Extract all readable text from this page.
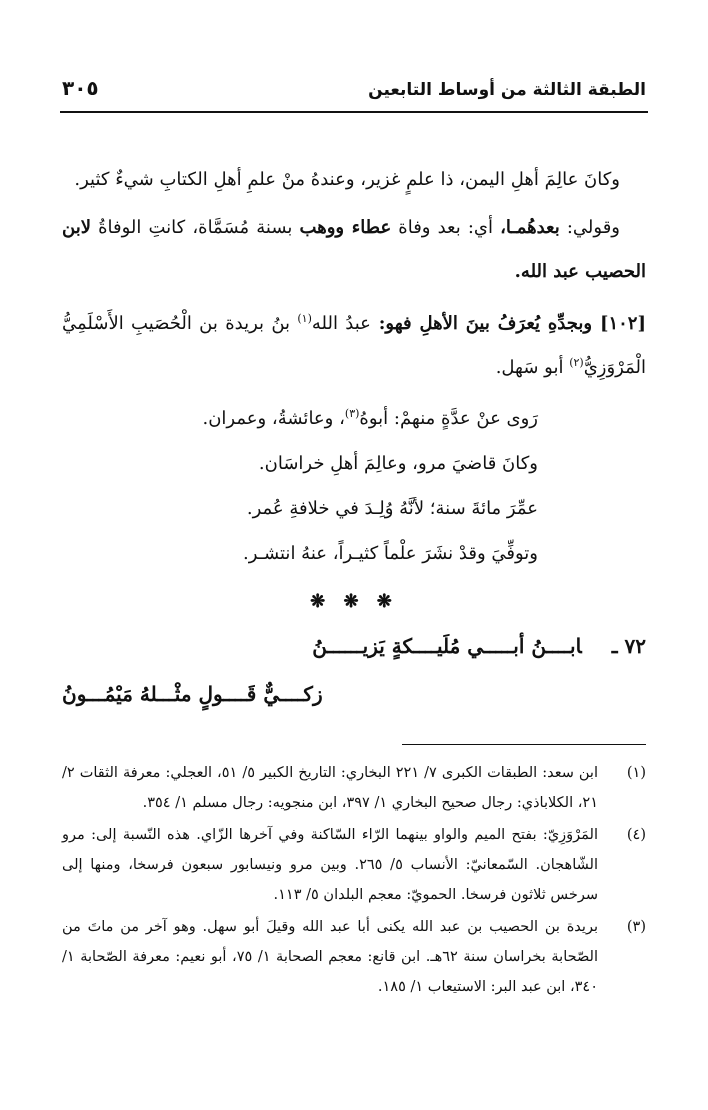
الطبقة الثالثة من أوساط التابعين
٣٠٥

وكانَ عالِمَ أهلِ اليمن، ذا علمٍ غزير، وعندهُ منْ علمِ أهلِ الكتابِ شيءٌ كثير.

وقولي: بعدهُمـا، أي: بعد وفاة عطاء ووهب بسنة مُسَمَّاة، كانتِ الوفاةُ لابن الحصيب عبد الله.

[١٠٢] وبجدِّهِ يُعرَفُ بينَ الأهلِ فهو: عبدُ الله$^{(١)}$ بنُ بريدة بن الْحُصَيبِ الأَسْلَمِيُّ الْمَرْوَزِيُّ$^{(٢)}$ أبو سَهل.

رَوى عنْ عدَّةٍ منهمْ: أبوهُ$^{(٣)}$، وعائشةُ، وعمران.
وكانَ قاضيَ مرو، وعالِمَ أهلِ خراسَان.
عمِّرَ مائةَ سنة؛ لأنَّهُ وُلِـدَ في خلافةِ عُمر.
وتوفِّيَ وقدْ نشَرَ علْماً كثيـراً، عنهُ انتشـر.
❋ ❋ ❋
٧٢ ـابــــنُ أبـــــي مُلَيــــكةٍ يَزيــــــنُ
زكــــيٌّ قَــــولٍ مثْـــلهُ مَيْمُـــونُ
(١)
ابن سعد: الطبقات الكبرى ٧/ ٢٢١ البخاري: التاريخ الكبير ٥/ ٥١، العجلي: معرفة الثقات ٢/ ٢١، الكلاباذي: رجال صحيح البخاري ١/ ٣٩٧، ابن منجويه: رجال مسلم ١/ ٣٥٤.
(٤)
المَرْوَزِيّ: بفتح الميم والواو بينهما الرّاء السّاكنة وفي آخرها الزّاي. هذه النّسبة إلى: مرو الشّاهجان. السّمعانيّ: الأنساب ٥/ ٢٦٥. وبين مرو ونيسابور سبعون فرسخا، ومنها إلى سرخس ثلاثون فرسخا. الحمويّ: معجم البلدان ٥/ ١١٣.
(٣)
بريدة بن الحصيب بن عبد الله يكنى أبا عبد الله وقيلَ أبو سهل. وهو آخر من ماتَ من الصّحابة بخراسان سنة ٦٢هـ. ابن قانع: معجم الصحابة ١/ ٧٥، أبو نعيم: معرفة الصّحابة ١/ ٣٤٠، ابن عبد البر: الاستيعاب ١/ ١٨٥.
